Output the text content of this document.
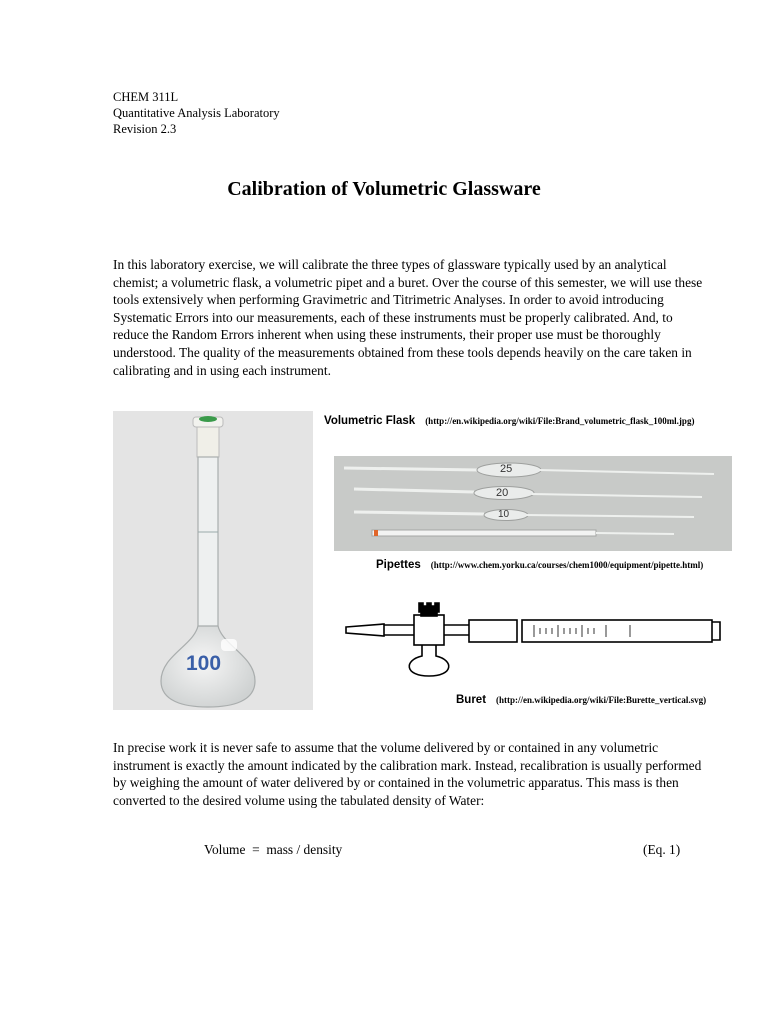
CHEM 311L
Quantitative Analysis Laboratory
Revision 2.3
Calibration of Volumetric Glassware
In this laboratory exercise, we will calibrate the three types of glassware typically used by an analytical chemist; a volumetric flask, a volumetric pipet and a buret. Over the course of this semester, we will use these tools extensively when performing Gravimetric and Titrimetric Analyses. In order to avoid introducing Systematic Errors into our measurements, each of these instruments must be properly calibrated. And, to reduce the Random Errors inherent when using these instruments, their proper use must be thoroughly understood. The quality of the measurements obtained from these tools depends heavily on the care taken in calibrating and in using each instrument.
100
Volumetric Flask (http://en.wikipedia.org/wiki/File:Brand_volumetric_flask_100ml.jpg)
25
20
10
Pipettes (http://www.chem.yorku.ca/courses/chem1000/equipment/pipette.html)
Buret (http://en.wikipedia.org/wiki/File:Burette_vertical.svg)
In precise work it is never safe to assume that the volume delivered by or contained in any volumetric instrument is exactly the amount indicated by the calibration mark. Instead, recalibration is usually performed by weighing the amount of water delivered by or contained in the volumetric apparatus. This mass is then converted to the desired volume using the tabulated density of Water:
Volume  =  mass / density	(Eq. 1)
